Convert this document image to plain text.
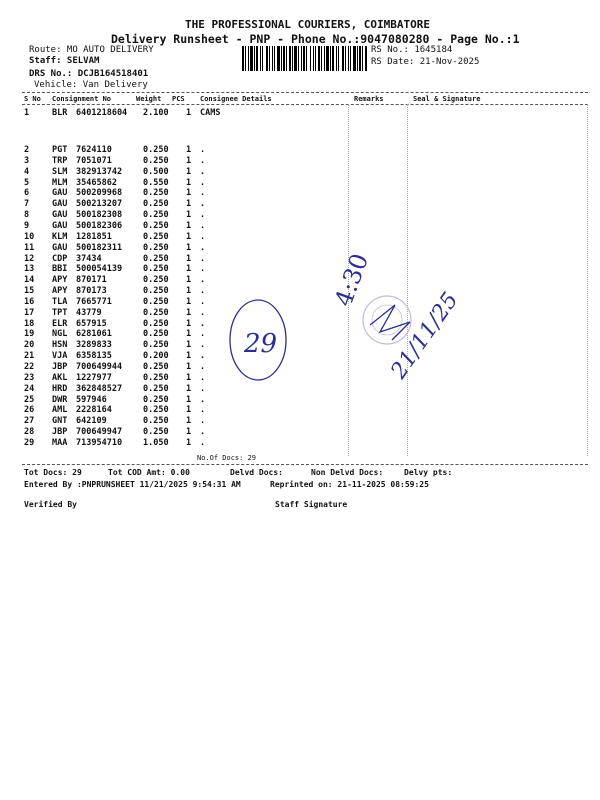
THE PROFESSIONAL COURIERS, COIMBATORE
Delivery Runsheet - PNP - Phone No.:9047080280 - Page No.:1
Route: MO AUTO DELIVERY
Staff: SELVAM
DRS No.: DCJB164518401
Vehicle: Van Delivery
RS No.: 1645184
RS Date: 21-Nov-2025
S No Consignment No	Weight PCS Consignee Details	Remarks	Seal & Signature
1	BLR 6401218604 2.100 1 CAMS
2	PGT 7624110	0.250 1 .
3	TRP 7051071	0.250 1 .
4	SLM 382913742 0.500 1 .
5	MLM 35465862	0.550 1 .
6	GAU 500209968 0.250 1 .
7	GAU 500213207 0.250 1 .
8	GAU 500182308 0.250 1 .
9	GAU 500182306 0.250 1 .
10 KLM 1281851	0.250 1 .
11 GAU 500182311 0.250 1 .
12 CDP 37434	0.250 1 .
13 BBI 500054139 0.250 1 .
14 APY 870171	0.250 1 .
15 APY 870173	0.250 1 .
16 TLA 7665771	0.250 1 .
17 TPT 43779	0.250 1 .
18 ELR 657915	0.250 1 .
19 NGL 6281061	0.250 1 .
20 HSN 3289833	0.250 1 .
21 VJA 6358135	0.200 1 .
22 JBP 700649944 0.250 1 .
23 AKL 1227977	0.250 1 .
24 HRD 362848527 0.250 1 .
25 DWR 597946	0.250 1 .
26 AML 2228164	0.250 1 .
27 GNT 642109	0.250 1 .
28 JBP 700649947 0.250 1 .
29 MAA 713954710 1.050 1 .
No.Of Docs: 29
Tot Docs: 29	Tot COD Amt: 0.00	Delvd Docs:	Non Delvd Docs:	Delvy pts:
Entered By :PNPRUNSHEET 11/21/2025 9:54:31 AM	Reprinted on: 21-11-2025 08:59:25
Verified By	Staff Signature
29
4:30
21/11/25
